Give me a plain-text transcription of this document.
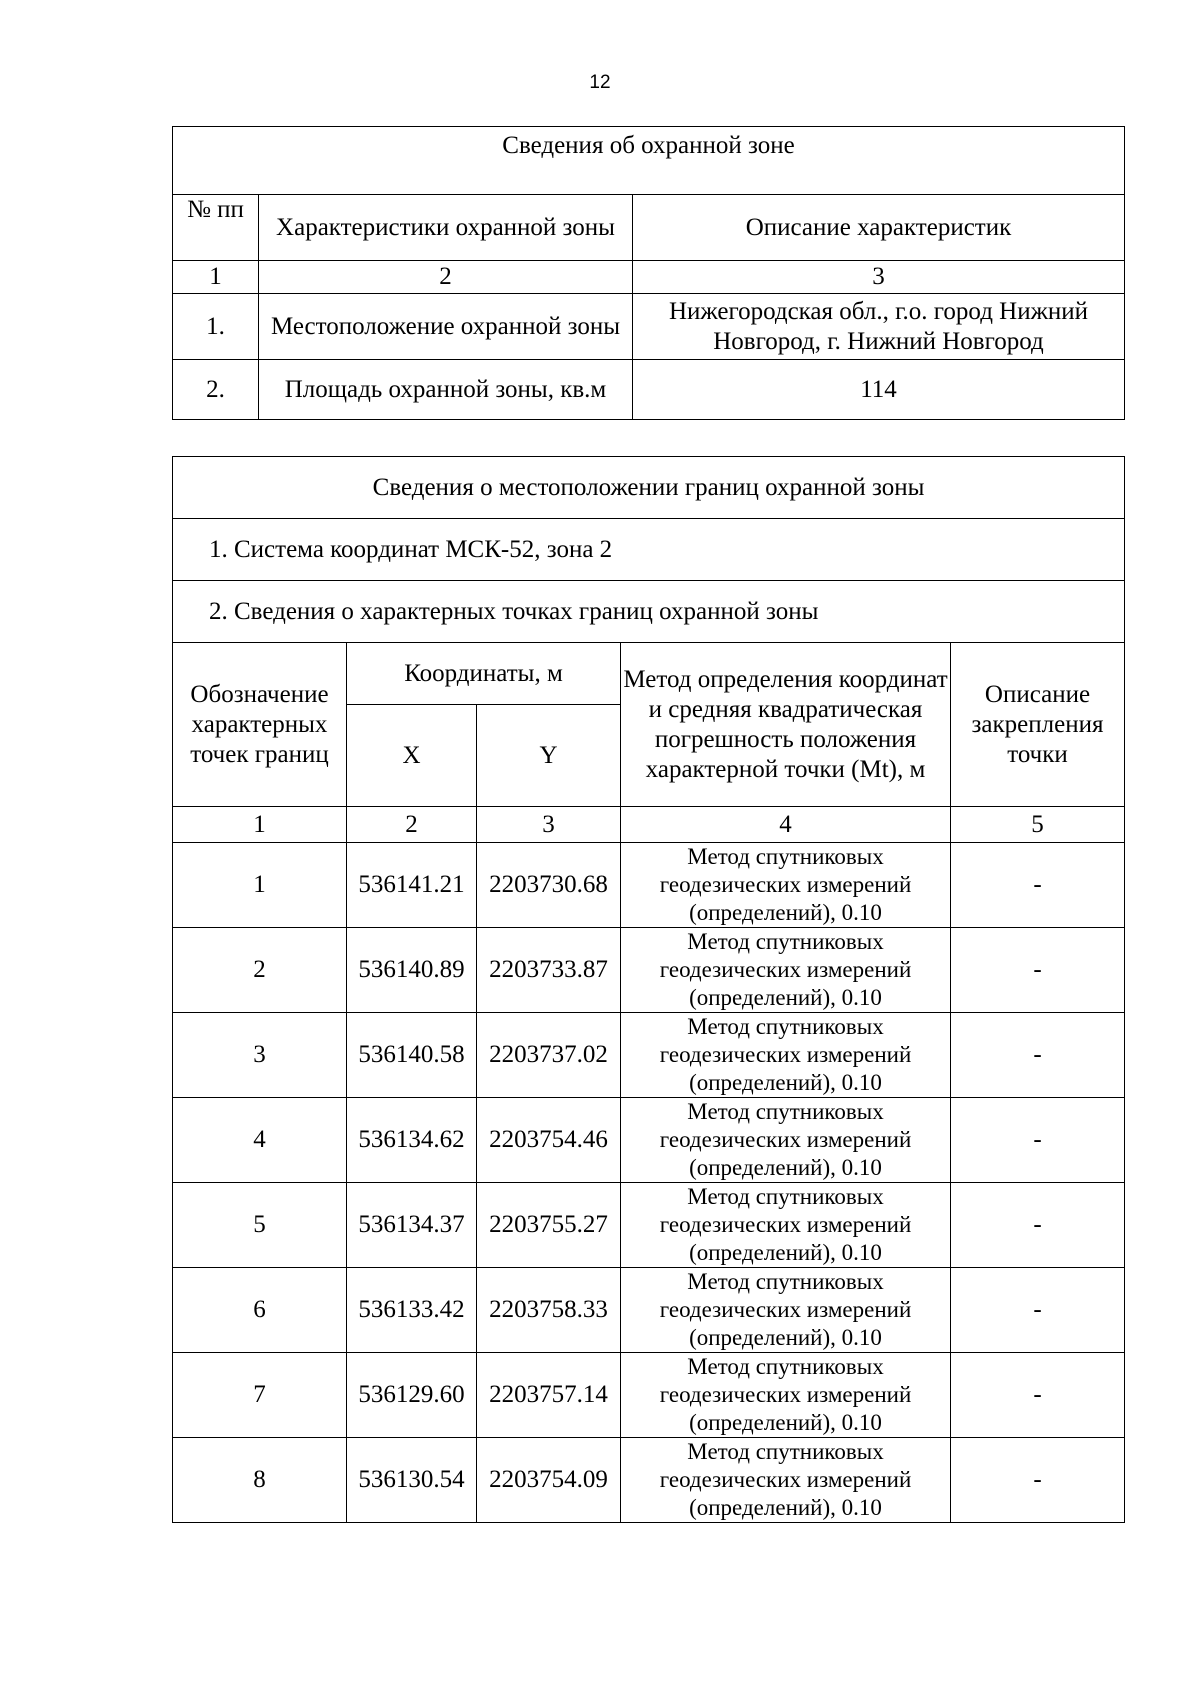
12
Сведения об охранной зоне		
№ пп	Характеристики охранной зоны	Описание характеристик
1	2	3
1.	Местоположение охранной зоны	Нижегородская обл., г.о. город Нижний Новгород, г. Нижний Новгород
2.	Площадь охранной зоны, кв.м	114
Сведения о местоположении границ охранной зоны				
1. Система координат МСК-52, зона 2				
2. Сведения о характерных точках границ охранной зоны				
Обозначение характерных точек границ	Координаты, м		Метод определения координат и средняя квадратическая погрешность положения характерной точки (Mt), м	Описание закрепления точки
	X	Y		
1	2	3	4	5
1	536141.21	2203730.68	Метод спутниковых геодезических измерений (определений), 0.10	-
2	536140.89	2203733.87	Метод спутниковых геодезических измерений (определений), 0.10	-
3	536140.58	2203737.02	Метод спутниковых геодезических измерений (определений), 0.10	-
4	536134.62	2203754.46	Метод спутниковых геодезических измерений (определений), 0.10	-
5	536134.37	2203755.27	Метод спутниковых геодезических измерений (определений), 0.10	-
6	536133.42	2203758.33	Метод спутниковых геодезических измерений (определений), 0.10	-
7	536129.60	2203757.14	Метод спутниковых геодезических измерений (определений), 0.10	-
8	536130.54	2203754.09	Метод спутниковых геодезических измерений (определений), 0.10	-
